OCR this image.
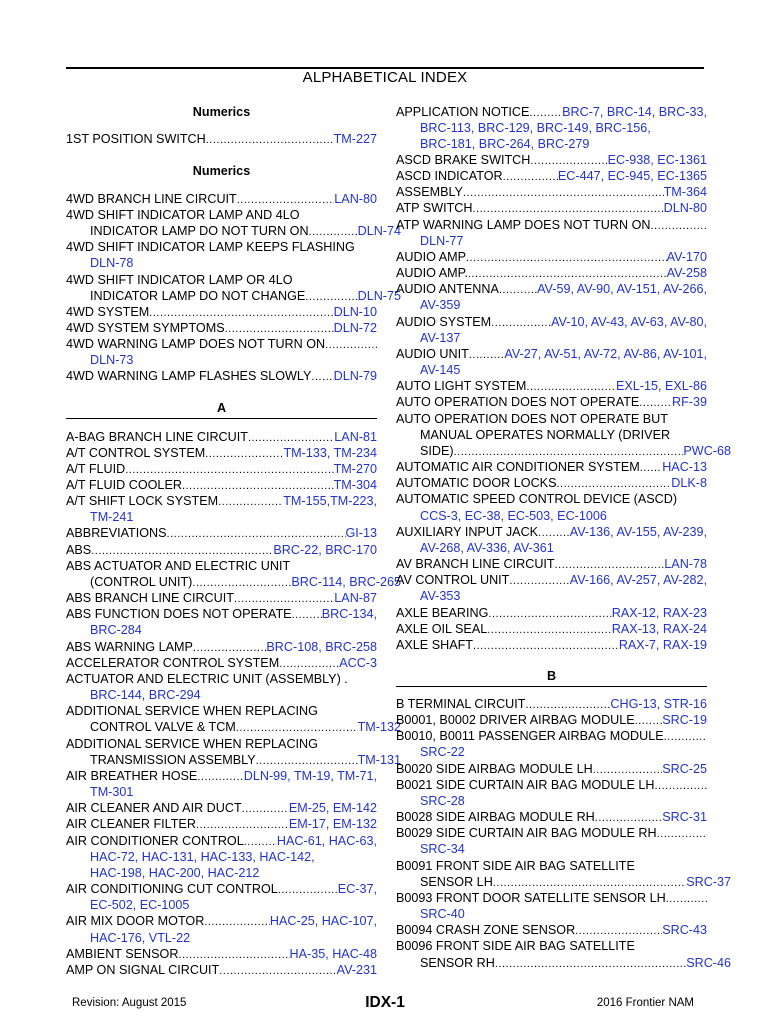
ALPHABETICAL INDEX
Numerics
1ST POSITION SWITCH .....	TM-227
Numerics
4WD BRANCH LINE CIRCUIT .....	LAN-80
4WD SHIFT INDICATOR LAMP AND 4LO
INDICATOR LAMP DO NOT TURN ON .....	DLN-74
4WD SHIFT INDICATOR LAMP KEEPS FLASHING
DLN-78
4WD SHIFT INDICATOR LAMP OR 4LO
INDICATOR LAMP DO NOT CHANGE .....	DLN-75
4WD SYSTEM .....	DLN-10
4WD SYSTEM SYMPTOMS .....	DLN-72
4WD WARNING LAMP DOES NOT TURN ON
.....
DLN-73
4WD WARNING LAMP FLASHES SLOWLY ..... DLN-79
A
A-BAG BRANCH LINE CIRCUIT .....	LAN-81
A/T CONTROL SYSTEM .....	TM-133, TM-234
A/T FLUID .....	TM-270
A/T FLUID COOLER .....	TM-304
A/T SHIFT LOCK SYSTEM .....	TM-155,TM-223,
TM-241
ABBREVIATIONS .....	GI-13
ABS .....	BRC-22, BRC-170
ABS ACTUATOR AND ELECTRIC UNIT
(CONTROL UNIT) .....	BRC-114, BRC-265
ABS BRANCH LINE CIRCUIT .....	LAN-87
ABS FUNCTION DOES NOT OPERATE ..... BRC-134,
BRC-284
ABS WARNING LAMP .....	BRC-108, BRC-258
ACCELERATOR CONTROL SYSTEM .....	ACC-3
ACTUATOR AND ELECTRIC UNIT (ASSEMBLY) .
BRC-144, BRC-294
ADDITIONAL SERVICE WHEN REPLACING
CONTROL VALVE & TCM .....	TM-132
ADDITIONAL SERVICE WHEN REPLACING
TRANSMISSION ASSEMBLY .....	TM-131
AIR BREATHER HOSE .....	DLN-99, TM-19, TM-71,
TM-301
AIR CLEANER AND AIR DUCT .....	EM-25, EM-142
AIR CLEANER FILTER .....	EM-17, EM-132
AIR CONDITIONER CONTROL .....	HAC-61, HAC-63,
HAC-72, HAC-131, HAC-133, HAC-142,
HAC-198, HAC-200, HAC-212
AIR CONDITIONING CUT CONTROL .....	EC-37,
EC-502, EC-1005
AIR MIX DOOR MOTOR .....	HAC-25, HAC-107,
HAC-176, VTL-22
AMBIENT SENSOR .....	HA-35, HAC-48
AMP ON SIGNAL CIRCUIT .....	AV-231
APPLICATION NOTICE .....	BRC-7, BRC-14, BRC-33,
BRC-113, BRC-129, BRC-149, BRC-156,
BRC-181, BRC-264, BRC-279
ASCD BRAKE SWITCH .....	EC-938, EC-1361
ASCD INDICATOR .....	EC-447, EC-945, EC-1365
ASSEMBLY .....	TM-364
ATP SWITCH .....	DLN-80
ATP WARNING LAMP DOES NOT TURN ON
.....
DLN-77
AUDIO AMP .....	AV-170
AUDIO AMP. .....	AV-258
AUDIO ANTENNA .....	AV-59, AV-90, AV-151, AV-266,
AV-359
AUDIO SYSTEM .....	AV-10, AV-43, AV-63, AV-80,
AV-137
AUDIO UNIT .....	AV-27, AV-51, AV-72, AV-86, AV-101,
AV-145
AUTO LIGHT SYSTEM .....	EXL-15, EXL-86
AUTO OPERATION DOES NOT OPERATE .....	RF-39
AUTO OPERATION DOES NOT OPERATE BUT
MANUAL OPERATES NORMALLY (DRIVER
SIDE) .....	PWC-68
AUTOMATIC AIR CONDITIONER SYSTEM ..... HAC-13
AUTOMATIC DOOR LOCKS .....	DLK-8
AUTOMATIC SPEED CONTROL DEVICE (ASCD)
CCS-3, EC-38, EC-503, EC-1006
AUXILIARY INPUT JACK .....	AV-136, AV-155, AV-239,
AV-268, AV-336, AV-361
AV BRANCH LINE CIRCUIT .....	LAN-78
AV CONTROL UNIT .....	AV-166, AV-257, AV-282,
AV-353
AXLE BEARING .....	RAX-12, RAX-23
AXLE OIL SEAL .....	RAX-13, RAX-24
AXLE SHAFT .....	RAX-7, RAX-19
B
B TERMINAL CIRCUIT .....	CHG-13, STR-16
B0001, B0002 DRIVER AIRBAG MODULE ..... SRC-19
B0010, B0011 PASSENGER AIRBAG MODULE
.....
SRC-22
B0020 SIDE AIRBAG MODULE LH .....	SRC-25
B0021 SIDE CURTAIN AIR BAG MODULE LH
.....
SRC-28
B0028 SIDE AIRBAG MODULE RH .....	SRC-31
B0029 SIDE CURTAIN AIR BAG MODULE RH
.....
SRC-34
B0091 FRONT SIDE AIR BAG SATELLITE
SENSOR LH .....	SRC-37
B0093 FRONT DOOR SATELLITE SENSOR LH
.....
SRC-40
B0094 CRASH ZONE SENSOR .....	SRC-43
B0096 FRONT SIDE AIR BAG SATELLITE
SENSOR RH .....	SRC-46
Revision: August 2015	IDX-1	2016 Frontier NAM
